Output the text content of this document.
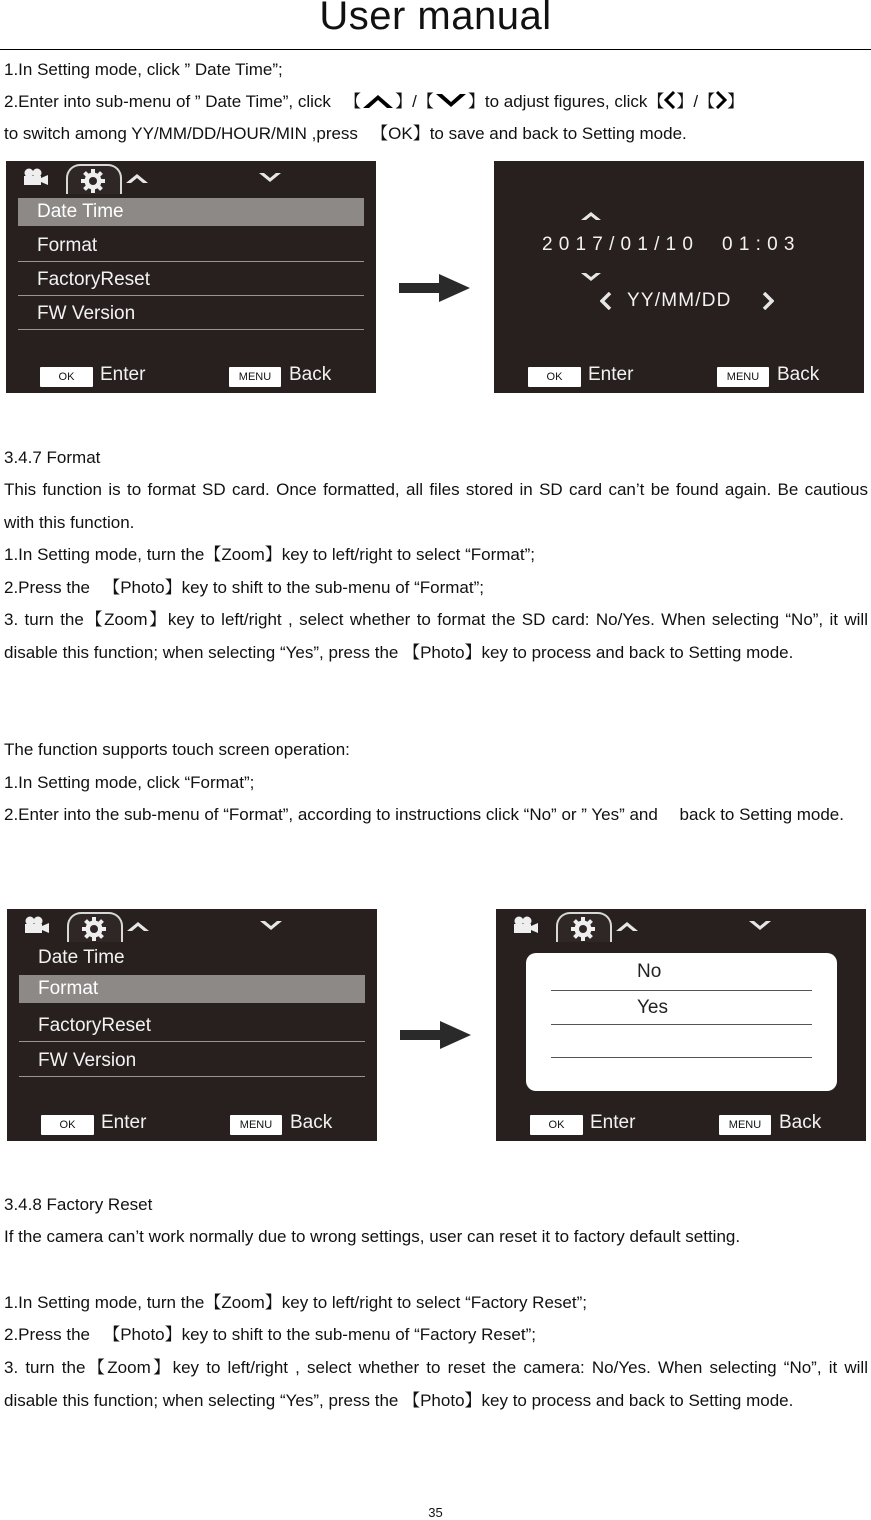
User manual
1.In Setting mode, click ” Date Time”;
2.Enter into sub-menu of ” Date Time”, click 　【 】/【 】to adjust figures, click【 】/【 】
to switch among YY/MM/DD/HOUR/MIN ,press 　【OK】to save and back to Setting mode.
Date Time
Format
FactoryReset
FW Version
OK	Enter	MENU Back
2017/01/10  01:03
YY/MM/DD
OK	Enter	MENU Back
3.4.7 Format
This function is to format SD card. Once formatted, all files stored in SD card can’t be found again. Be cautious with this function.
1.In Setting mode, turn the【Zoom】key to left/right to select “Format”;
2.Press the 　【Photo】key to shift to the sub-menu of “Format”;
3. turn the【Zoom】key to left/right , select whether to format the SD card: No/Yes. When selecting “No”, it will disable this function; when selecting “Yes”, press the 【Photo】key to process and back to Setting mode.
The function supports touch screen operation:
1.In Setting mode, click “Format”;
2.Enter into the sub-menu of “Format”, according to instructions click “No” or ” Yes” and 　back to Setting mode.
Date Time
Format
FactoryReset
FW Version
OK	Enter	MENU Back
No
Yes
OK	Enter	MENU Back
3.4.8 Factory Reset
If the camera can’t work normally due to wrong settings, user can reset it to factory default setting.
1.In Setting mode, turn the【Zoom】key to left/right to select “Factory Reset”;
2.Press the 　【Photo】key to shift to the sub-menu of “Factory Reset”;
3. turn the【Zoom】key to left/right , select whether to reset the camera: No/Yes. When selecting “No”, it will disable this function; when selecting “Yes”, press the 【Photo】key to process and back to Setting mode.
35
